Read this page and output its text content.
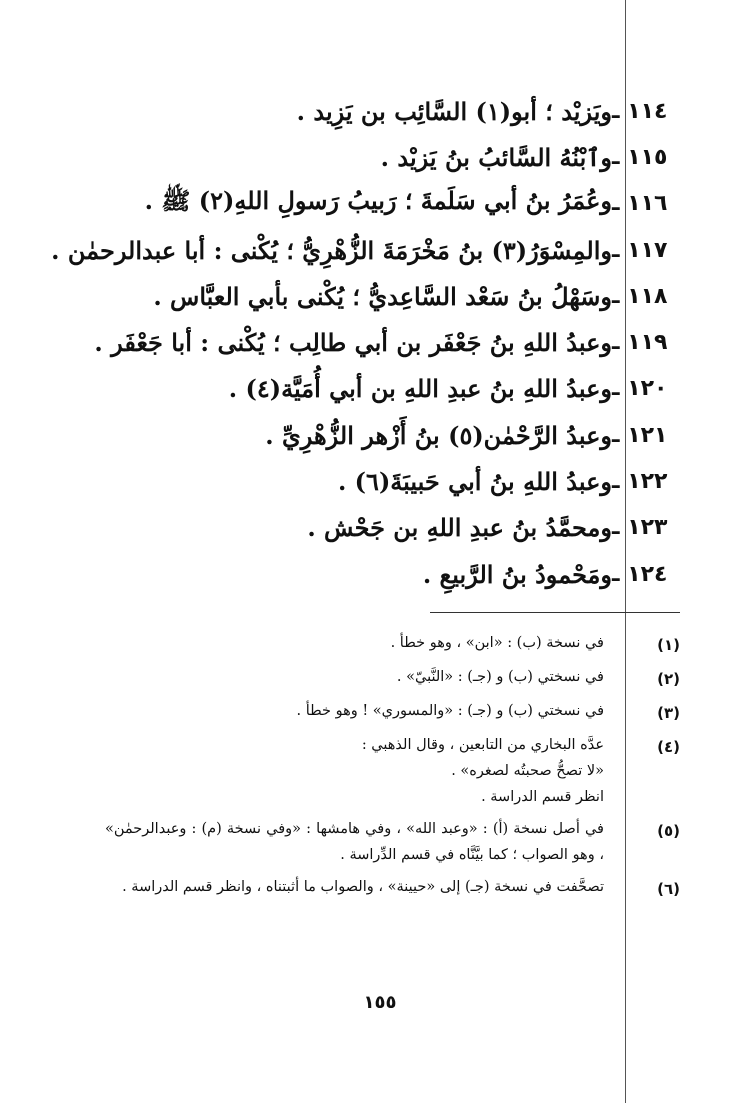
١١٤ ـ
ويَزيْد ؛ أبو(١) السَّائِب بن يَزِيد .
١١٥ ـ
وٱبْنُهُ السَّائبُ بنُ يَزيْد .
١١٦ ـ
وعُمَرُ بنُ أبي سَلَمةَ ؛ رَبيبُ رَسولِ اللهِ(٢) ﷺ .
١١٧ ـ
والمِسْوَرُ(٣) بنُ مَخْرَمَةَ الزُّهْرِيُّ ؛ يُكْنى : أبا عبدالرحمٰن .
١١٨ ـ
وسَهْلُ بنُ سَعْد السَّاعِديُّ ؛ يُكْنى بأبي العبَّاس .
١١٩ ـ
وعبدُ اللهِ بنُ جَعْفَر بن أبي طالِب ؛ يُكْنى : أبا جَعْفَر .
١٢٠ ـ
وعبدُ اللهِ بنُ عبدِ اللهِ بن أبي أُمَيَّة(٤) .
١٢١ ـ
وعبدُ الرَّحْمٰن(٥) بنُ أَزْهر الزُّهْرِيِّ .
١٢٢ ـ
وعبدُ اللهِ بنُ أبي حَبيبَةَ(٦) .
١٢٣ ـ
ومحمَّدُ بنُ عبدِ اللهِ بن جَحْش .
١٢٤ ـ
ومَحْمودُ بنُ الرَّبيعِ .
(١)

في نسخة (ب) : «ابن» ، وهو خطأ .

(٢)

في نسختي (ب) و (جـ) : «النَّبيّ» .

(٣)

في نسختي (ب) و (جـ) : «والمسوري» ! وهو خطأ .

(٤)

عدَّه البخاري من التابعين ، وقال الذهبي :

«لا تصحُّ صحبتُه لصغره» .

انظر قسم الدراسة .

(٥)

في أصل نسخة (أ) : «وعبد الله» ، وفي هامشها : «وفي نسخة (م) : وعبدالرحمٰن» ، وهو الصواب ؛ كما بيَّنَّاه في قسم الدِّراسة .

(٦)

تصحَّفت في نسخة (جـ) إلى «حيينة» ، والصواب ما أثبتناه ، وانظر قسم الدراسة .

١٥٥
